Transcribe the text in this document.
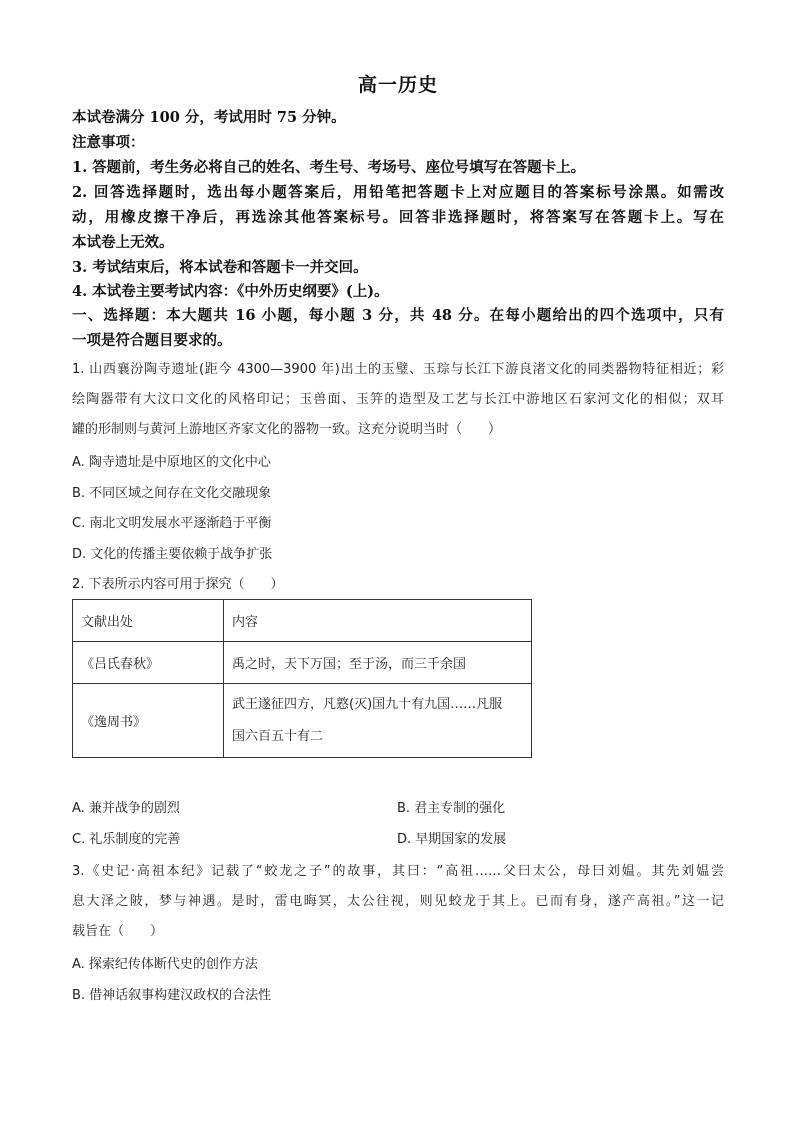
高一历史
本试卷满分 100 分，考试用时 75 分钟。
注意事项：
1. 答题前，考生务必将自己的姓名、考生号、考场号、座位号填写在答题卡上。
2. 回答选择题时，选出每小题答案后，用铅笔把答题卡上对应题目的答案标号涂黑。如需改
动，用橡皮擦干净后，再选涂其他答案标号。回答非选择题时，将答案写在答题卡上。写在
本试卷上无效。
3. 考试结束后，将本试卷和答题卡一并交回。
4. 本试卷主要考试内容：《中外历史纲要》(上)。
一、选择题：本大题共 16 小题，每小题 3 分，共 48 分。在每小题给出的四个选项中，只有
一项是符合题目要求的。
1. 山西襄汾陶寺遗址(距今 4300—3900 年)出土的玉璧、玉琮与长江下游良渚文化的同类器物特征相近；彩
绘陶器带有大汶口文化的风格印记；玉兽面、玉笄的造型及工艺与长江中游地区石家河文化的相似；双耳
罐的形制则与黄河上游地区齐家文化的器物一致。这充分说明当时（　　）
A. 陶寺遗址是中原地区的文化中心
B. 不同区域之间存在文化交融现象
C. 南北文明发展水平逐渐趋于平衡
D. 文化的传播主要依赖于战争扩张
2. 下表所示内容可用于探究（　　）
文献出处	内容
《吕氏春秋》	禹之时，天下万国；至于汤，而三千余国
《逸周书》	武王遂征四方，凡憝(灭)国九十有九国……凡服
国六百五十有二
A. 兼并战争的剧烈	B. 君主专制的强化
C. 礼乐制度的完善	D. 早期国家的发展
3.《史记·高祖本纪》记载了“蛟龙之子”的故事，其曰：“高祖……父曰太公，母曰刘媪。其先刘媪尝
息大泽之陂，梦与神遇。是时，雷电晦冥，太公往视，则见蛟龙于其上。已而有身，遂产高祖。”这一记
载旨在（　　）
A. 探索纪传体断代史的创作方法
B. 借神话叙事构建汉政权的合法性
